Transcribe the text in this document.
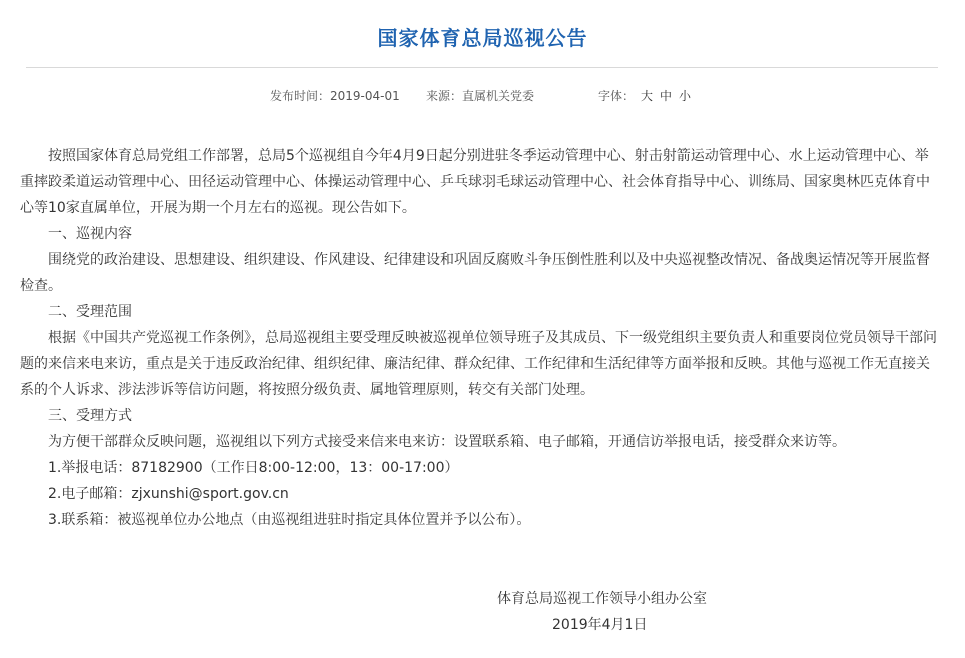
国家体育总局巡视公告
发布时间：2019-04-01 来源：直属机关党委	字体： 大 中 小

按照国家体育总局党组工作部署，总局5个巡视组自今年4月9日起分别进驻冬季运动管理中心、射击射箭运动管理中心、水上运动管理中心、举重摔跤柔道运动管理中心、田径运动管理中心、体操运动管理中心、乒乓球羽毛球运动管理中心、社会体育指导中心、训练局、国家奥林匹克体育中心等10家直属单位，开展为期一个月左右的巡视。现公告如下。

一、巡视内容

围绕党的政治建设、思想建设、组织建设、作风建设、纪律建设和巩固反腐败斗争压倒性胜利以及中央巡视整改情况、备战奥运情况等开展监督检查。

二、受理范围

根据《中国共产党巡视工作条例》，总局巡视组主要受理反映被巡视单位领导班子及其成员、下一级党组织主要负责人和重要岗位党员领导干部问题的来信来电来访，重点是关于违反政治纪律、组织纪律、廉洁纪律、群众纪律、工作纪律和生活纪律等方面举报和反映。其他与巡视工作无直接关系的个人诉求、涉法涉诉等信访问题，将按照分级负责、属地管理原则，转交有关部门处理。

三、受理方式

为方便干部群众反映问题，巡视组以下列方式接受来信来电来访：设置联系箱、电子邮箱，开通信访举报电话，接受群众来访等。

1.举报电话：87182900（工作日8:00-12:00，13：00-17:00）

2.电子邮箱：zjxunshi@sport.gov.cn

3.联系箱：被巡视单位办公地点（由巡视组进驻时指定具体位置并予以公布）。

体育总局巡视工作领导小组办公室
2019年4月1日
